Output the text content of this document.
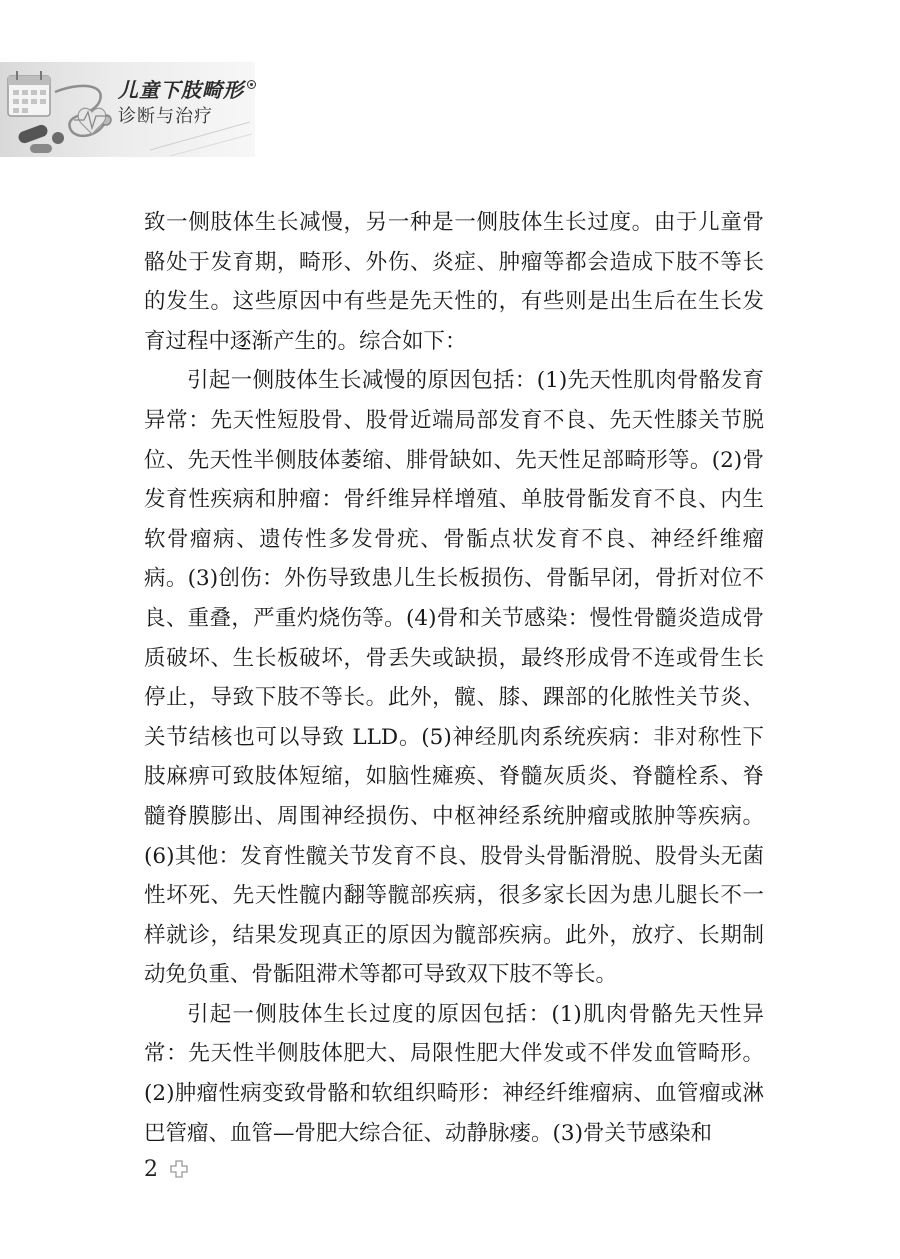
儿童下肢畸形
诊断与治疗

致一侧肢体生长减慢，另一种是一侧肢体生长过度。由于儿童骨骼处于发育期，畸形、外伤、炎症、肿瘤等都会造成下肢不等长的发生。这些原因中有些是先天性的，有些则是出生后在生长发育过程中逐渐产生的。综合如下：

引起一侧肢体生长减慢的原因包括：(1)先天性肌肉骨骼发育异常：先天性短股骨、股骨近端局部发育不良、先天性膝关节脱位、先天性半侧肢体萎缩、腓骨缺如、先天性足部畸形等。(2)骨发育性疾病和肿瘤：骨纤维异样增殖、单肢骨骺发育不良、内生软骨瘤病、遗传性多发骨疣、骨骺点状发育不良、神经纤维瘤病。(3)创伤：外伤导致患儿生长板损伤、骨骺早闭，骨折对位不良、重叠，严重灼烧伤等。(4)骨和关节感染：慢性骨髓炎造成骨质破坏、生长板破坏，骨丢失或缺损，最终形成骨不连或骨生长停止，导致下肢不等长。此外，髋、膝、踝部的化脓性关节炎、关节结核也可以导致 LLD。(5)神经肌肉系统疾病：非对称性下肢麻痹可致肢体短缩，如脑性瘫痪、脊髓灰质炎、脊髓栓系、脊髓脊膜膨出、周围神经损伤、中枢神经系统肿瘤或脓肿等疾病。(6)其他：发育性髋关节发育不良、股骨头骨骺滑脱、股骨头无菌性坏死、先天性髋内翻等髋部疾病，很多家长因为患儿腿长不一样就诊，结果发现真正的原因为髋部疾病。此外，放疗、长期制动免负重、骨骺阻滞术等都可导致双下肢不等长。

引起一侧肢体生长过度的原因包括：(1)肌肉骨骼先天性异常：先天性半侧肢体肥大、局限性肥大伴发或不伴发血管畸形。(2)肿瘤性病变致骨骼和软组织畸形：神经纤维瘤病、血管瘤或淋巴管瘤、血管—骨肥大综合征、动静脉瘘。(3)骨关节感染和

2
